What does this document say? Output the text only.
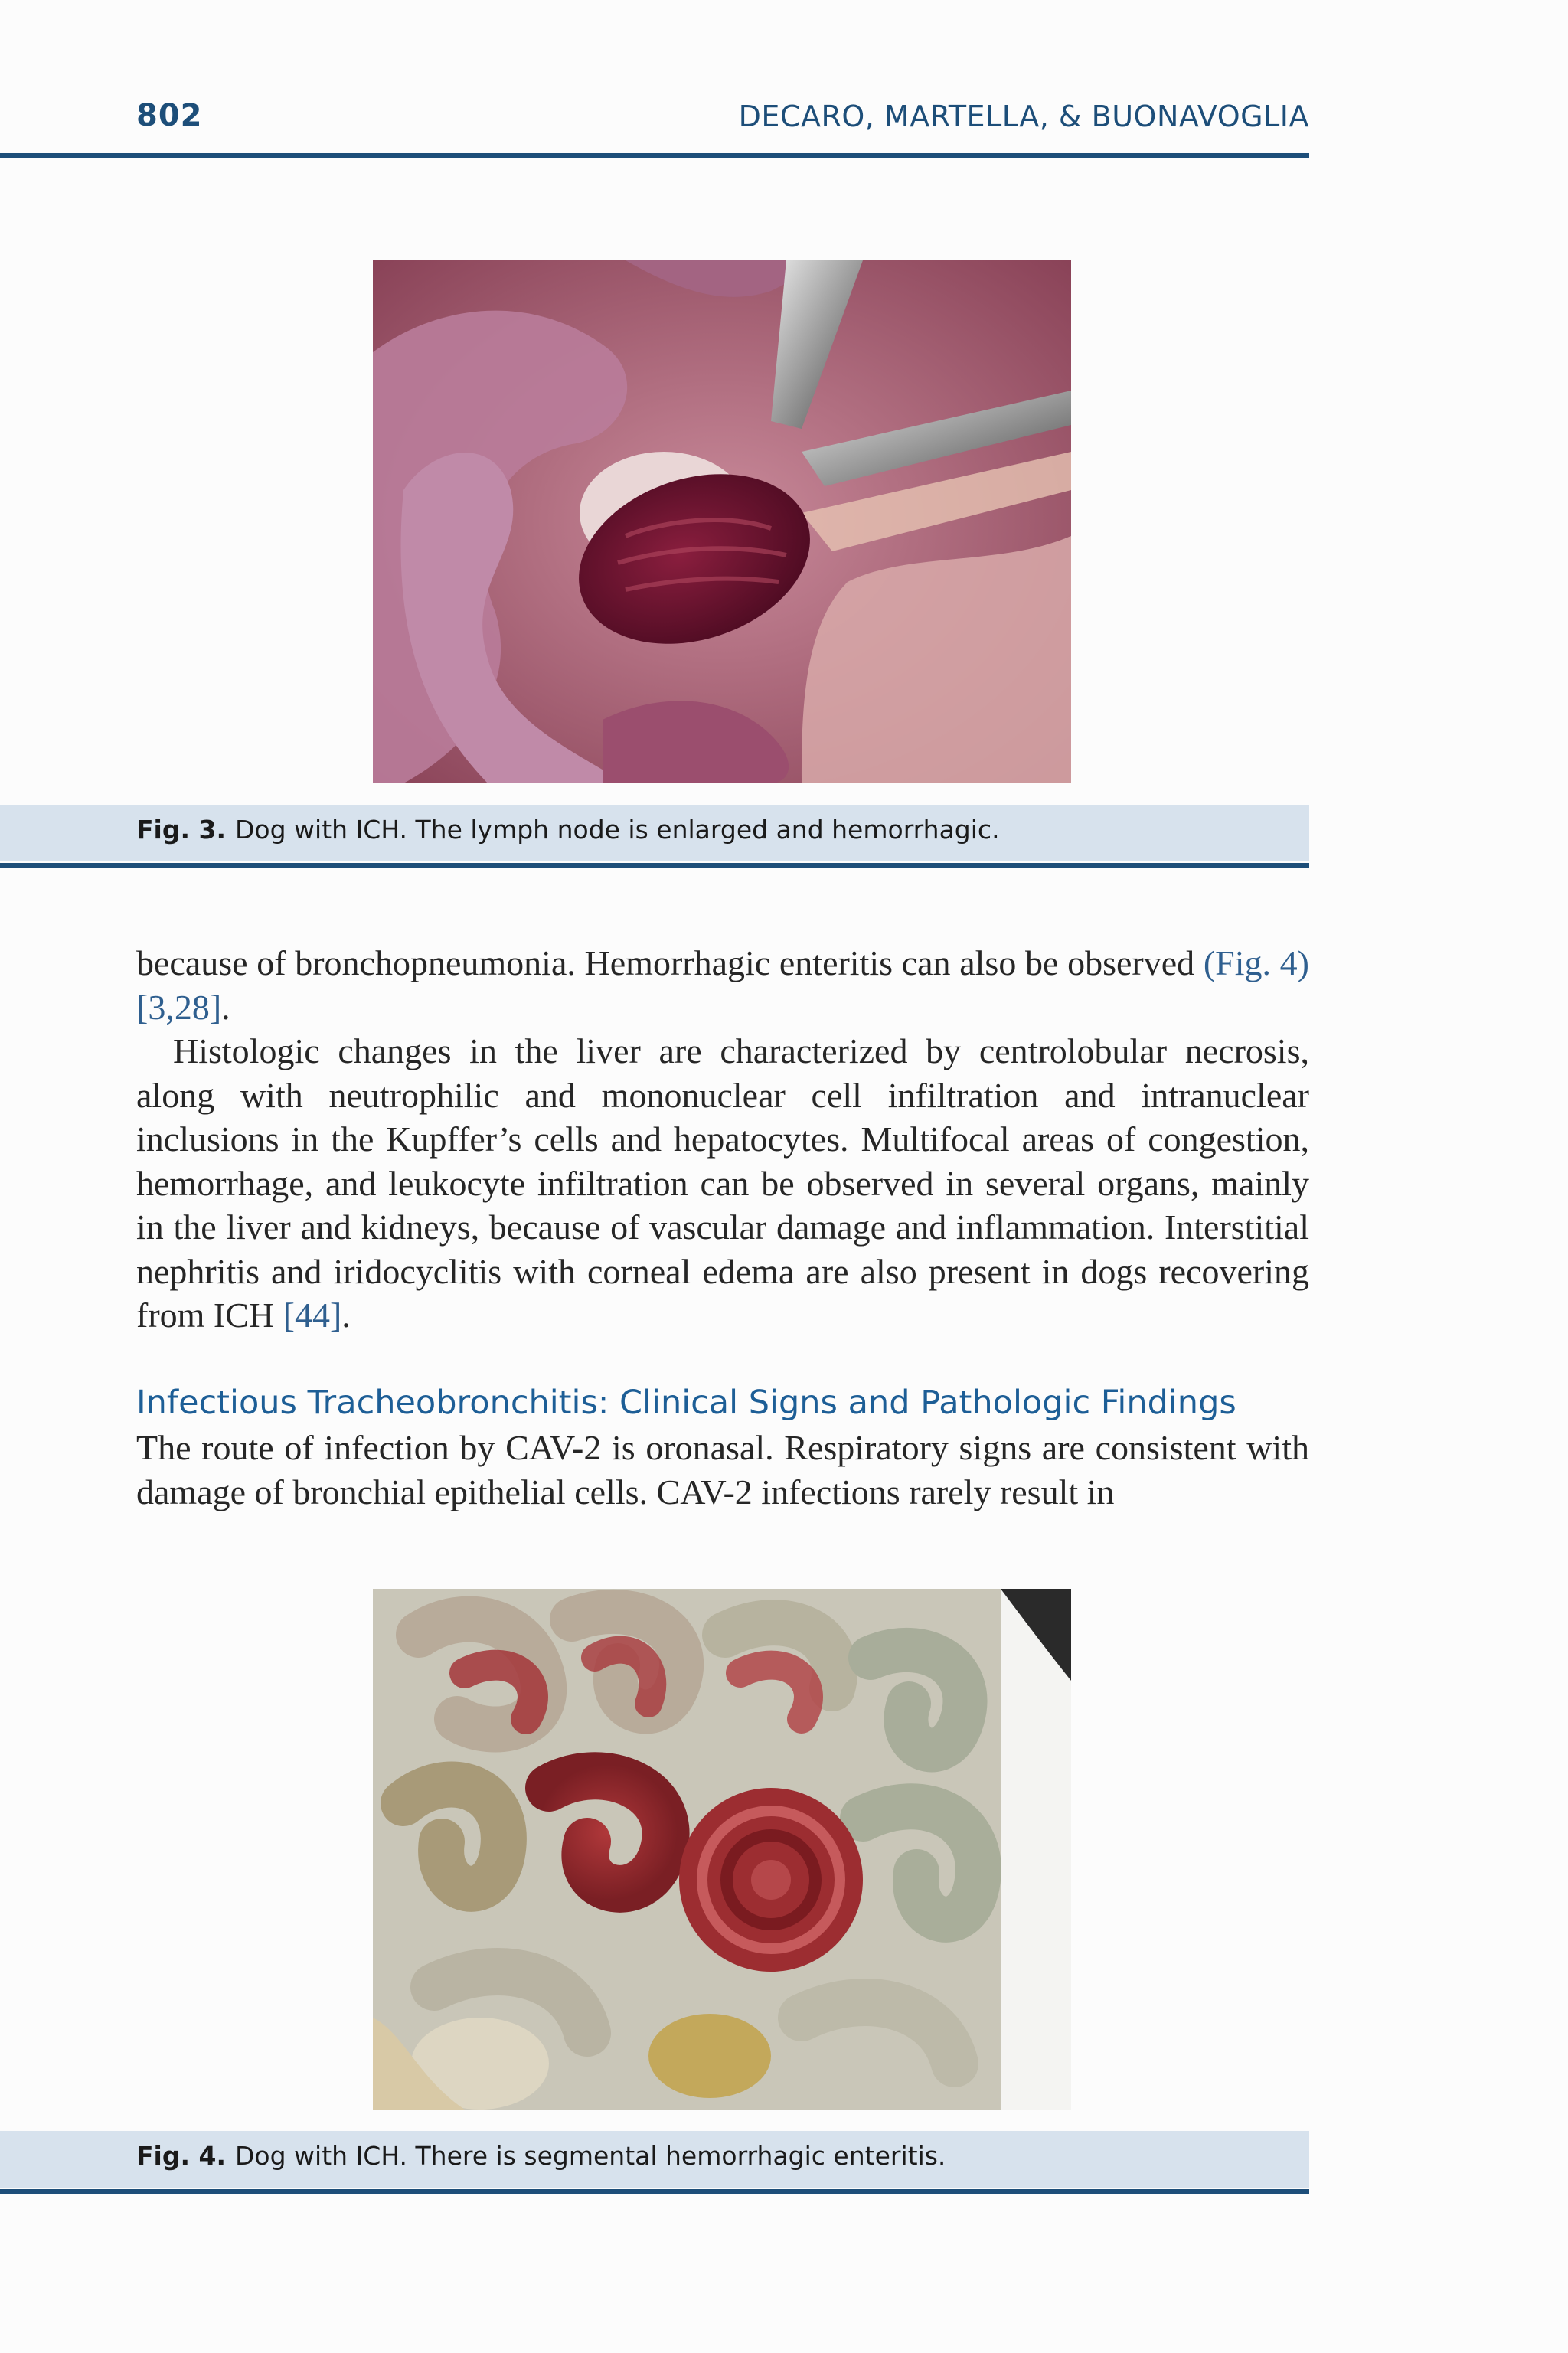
802	DECARO, MARTELLA, & BUONAVOGLIA
Fig. 3. Dog with ICH. The lymph node is enlarged and hemorrhagic.
because of bronchopneumonia. Hemorrhagic enteritis can also be observed (Fig. 4) [3,28].
Histologic changes in the liver are characterized by centrolobular necrosis, along with neutrophilic and mononuclear cell infiltration and intranuclear inclusions in the Kupffer’s cells and hepatocytes. Multifocal areas of congestion, hemorrhage, and leukocyte infiltration can be observed in several organs, mainly in the liver and kidneys, because of vascular damage and inflammation. Interstitial nephritis and iridocyclitis with corneal edema are also present in dogs recovering from ICH [44].
Infectious Tracheobronchitis: Clinical Signs and Pathologic Findings
The route of infection by CAV-2 is oronasal. Respiratory signs are consistent with damage of bronchial epithelial cells. CAV-2 infections rarely result in
Fig. 4. Dog with ICH. There is segmental hemorrhagic enteritis.
